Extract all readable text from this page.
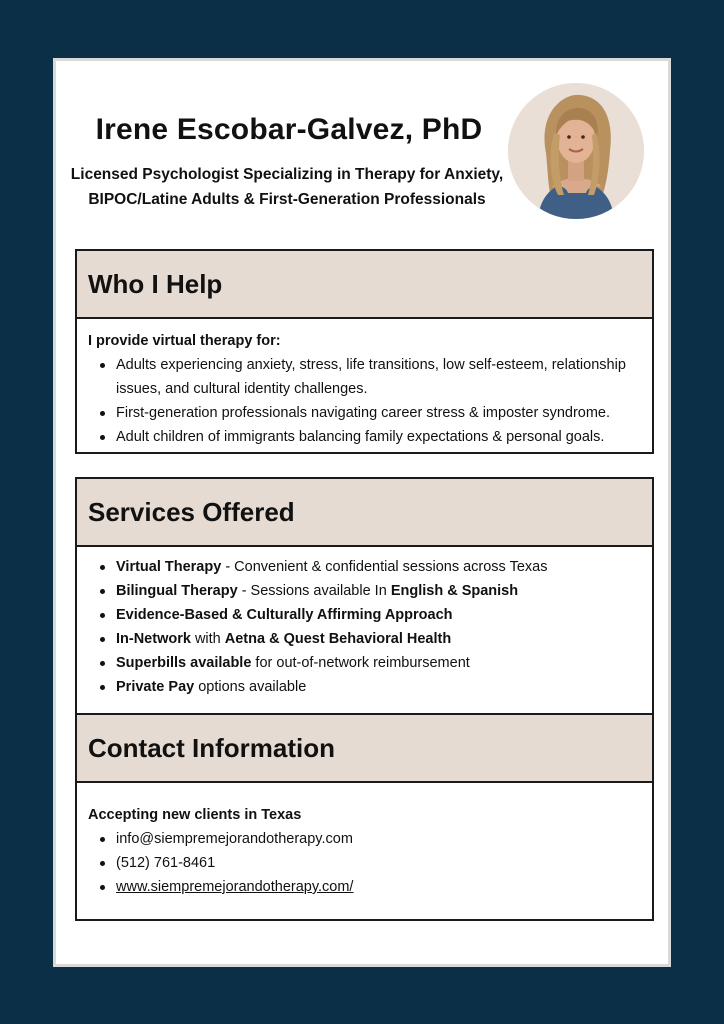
Irene Escobar-Galvez, PhD
Licensed Psychologist Specializing in Therapy for Anxiety, BIPOC/Latine Adults & First-Generation Professionals
Who I Help
I provide virtual therapy for:
Adults experiencing anxiety, stress, life transitions, low self-esteem, relationship issues, and cultural identity challenges.
First-generation professionals navigating career stress & imposter syndrome.
Adult children of immigrants balancing family expectations & personal goals.
Services Offered
Virtual Therapy - Convenient & confidential sessions across Texas
Bilingual Therapy - Sessions available In English & Spanish
Evidence-Based & Culturally Affirming Approach
In-Network with Aetna & Quest Behavioral Health
Superbills available for out-of-network reimbursement
Private Pay options available
Contact Information
Accepting new clients in Texas
info@siempremejorandotherapy.com
(512) 761-8461
www.siempremejorandotherapy.com/
